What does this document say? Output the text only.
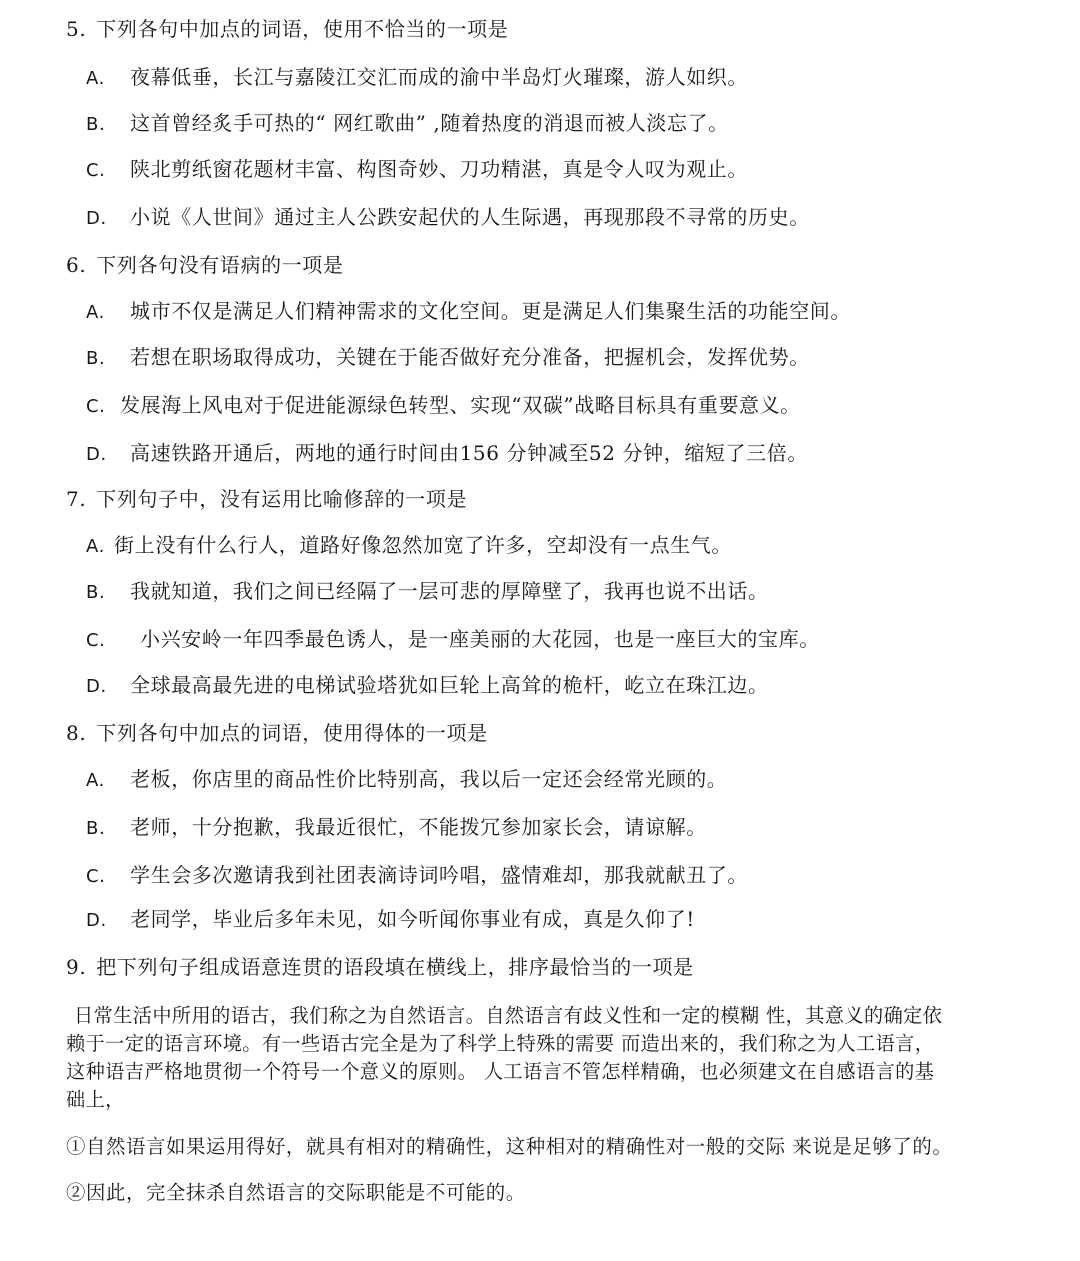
5. 下列各句中加点的词语，使用不恰当的一项是
A. 夜幕低垂，长江与嘉陵江交汇而成的渝中半岛灯火璀璨，游人如织。
B. 这首曾经炙手可热的“ 网红歌曲” ,随着热度的消退而被人淡忘了。
C. 陕北剪纸窗花题材丰富、构图奇妙、刀功精湛，真是令人叹为观止。
D. 小说《人世间》通过主人公跌安起伏的人生际遇，再现那段不寻常的历史。
6. 下列各句没有语病的一项是
A. 城市不仅是满足人们精神需求的文化空间。更是满足人们集聚生活的功能空间。
B. 若想在职场取得成功，关键在于能否做好充分准备，把握机会，发挥优势。
C. 发展海上风电对于促进能源绿色转型、实现“双碳”战略目标具有重要意义。
D. 高速铁路开通后，两地的通行时间由156 分钟减至52 分钟，缩短了三倍。
7. 下列句子中，没有运用比喻修辞的一项是
A. 街上没有什么行人，道路好像忽然加宽了许多，空却没有一点生气。
B. 我就知道，我们之间已经隔了一层可悲的厚障壁了，我再也说不出话。
C. 小兴安岭一年四季最色诱人，是一座美丽的大花园，也是一座巨大的宝库。
D. 全球最高最先进的电梯试验塔犹如巨轮上高耸的桅杆，屹立在珠江边。
8. 下列各句中加点的词语，使用得体的一项是
A. 老板，你店里的商品性价比特别高，我以后一定还会经常光顾的。
B. 老师，十分抱歉，我最近很忙，不能拨冗参加家长会，请谅解。
C. 学生会多次邀请我到社团表滴诗词吟唱，盛情难却，那我就献丑了。
D. 老同学，毕业后多年未见，如今听闻你事业有成，真是久仰了!
9. 把下列句子组成语意连贯的语段填在横线上，排序最恰当的一项是
日常生活中所用的语古，我们称之为自然语言。自然语言有歧义性和一定的模糊 性，其意义的确定依
赖于一定的语言环境。有一些语古完全是为了科学上特殊的需要 而造出来的，我们称之为人工语言，
这种语吉严格地贯彻一个符号一个意义的原则。 人工语言不管怎样精确，也必须建文在自感语言的基
础上，
①自然语言如果运用得好，就具有相对的精确性，这种相对的精确性对一般的交际 来说是足够了的。
②因此，完全抹杀自然语言的交际职能是不可能的。
